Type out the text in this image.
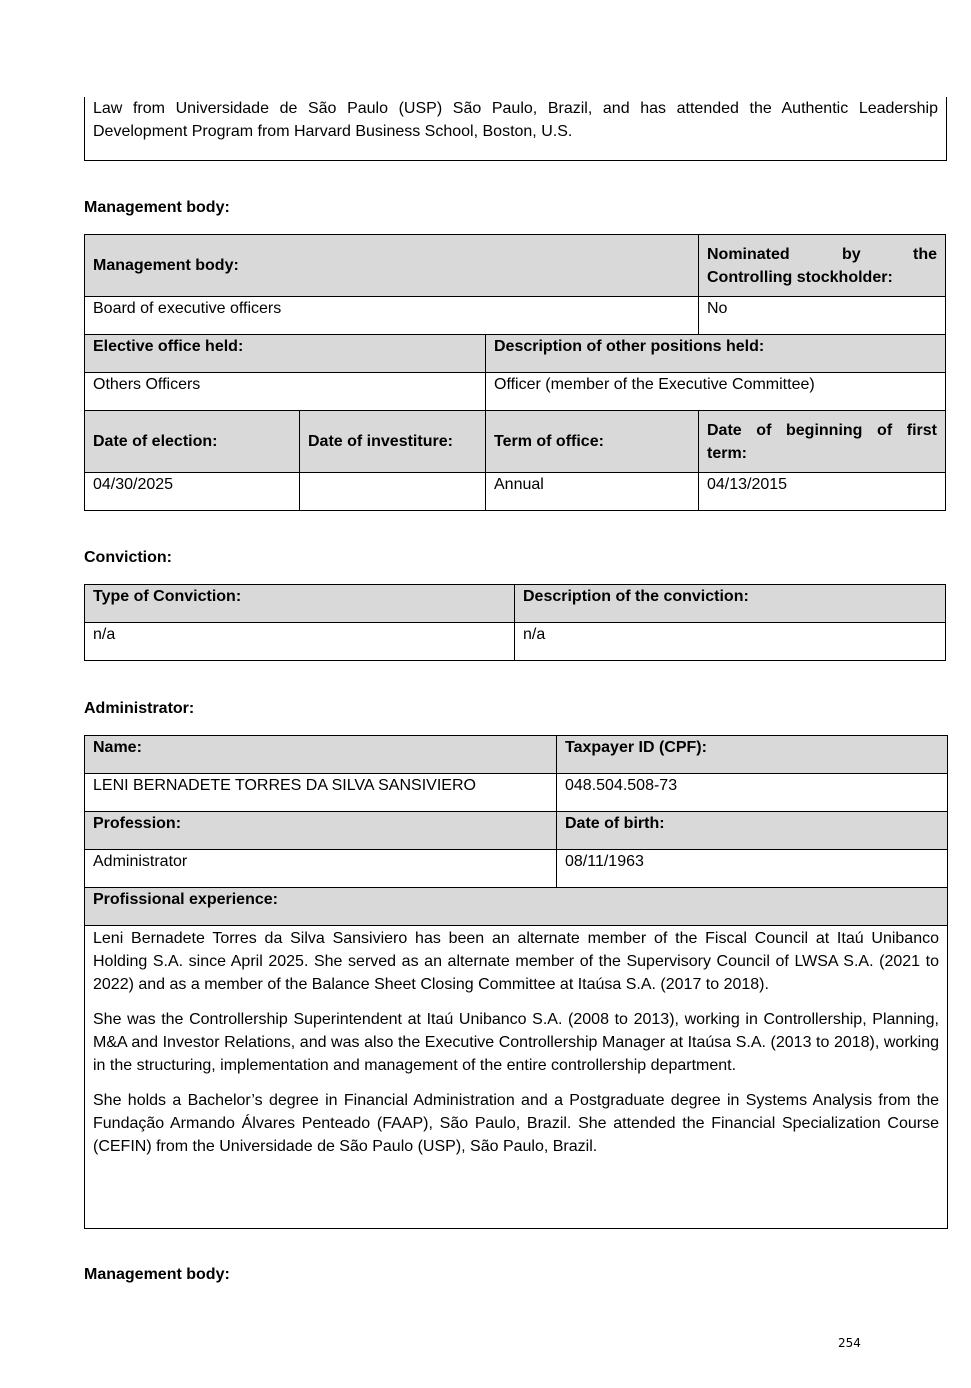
Law from Universidade de São Paulo (USP) São Paulo, Brazil, and has attended the Authentic Leadership Development Program from Harvard Business School, Boston, U.S.
Management body:
Management body:			Nominated by the
Controlling stockholder:

Board of executive officers			No
Elective office held:		Description of other positions held:	
Others Officers		Officer (member of the Executive Committee)	
Date of election:	Date of investiture:	Term of office:	Date of beginning of first term:
04/30/2025		Annual	04/13/2015
Conviction:
Type of Conviction:	Description of the conviction:
n/a	n/a
Administrator:
Name:	Taxpayer ID (CPF):
LENI BERNADETE TORRES DA SILVA SANSIVIERO	048.504.508-73
Profession:	Date of birth:
Administrator	08/11/1963
Profissional experience:	

Leni Bernadete Torres da Silva Sansiviero has been an alternate member of the Fiscal Council at Itaú Unibanco Holding S.A. since April 2025. She served as an alternate member of the Supervisory Council of LWSA S.A. (2021 to 2022) and as a member of the Balance Sheet Closing Committee at Itaúsa S.A. (2017 to 2018).

She was the Controllership Superintendent at Itaú Unibanco S.A. (2008 to 2013), working in Controllership, Planning, M&A and Investor Relations, and was also the Executive Controllership Manager at Itaúsa S.A. (2013 to 2018), working in the structuring, implementation and management of the entire controllership department.

She holds a Bachelor’s degree in Financial Administration and a Postgraduate degree in Systems Analysis from the Fundação Armando Álvares Penteado (FAAP), São Paulo, Brazil. She attended the Financial Specialization Course (CEFIN) from the Universidade de São Paulo (USP), São Paulo, Brazil.	

Management body:
254
